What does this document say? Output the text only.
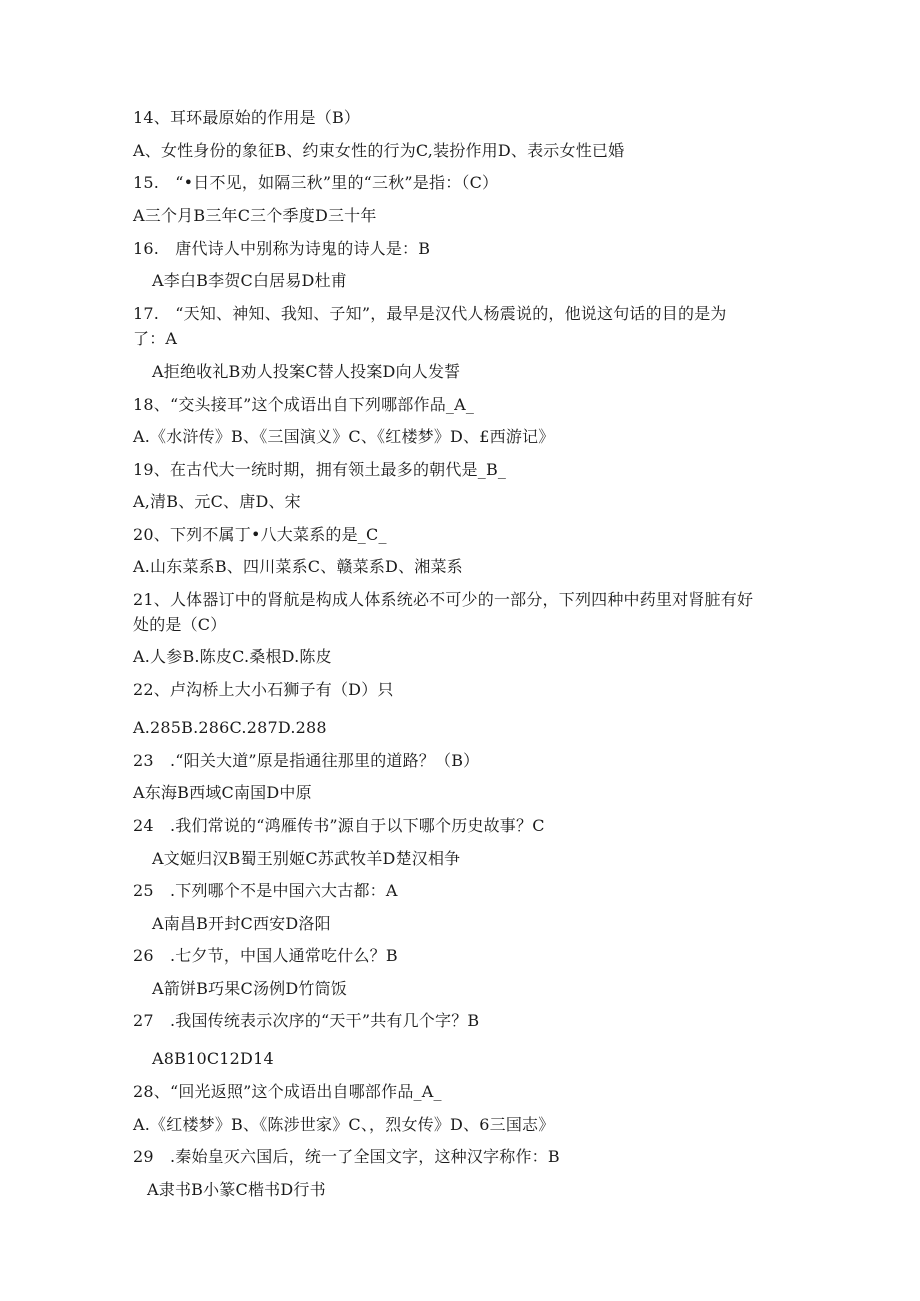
14、耳环最原始的作用是（B）
A、女性身份的象征B、约束女性的行为C,装扮作用D、表示女性已婚
15.　“•日不见，如隔三秋”里的“三秋”是指：（C）
A三个月B三年C三个季度D三十年
16.　唐代诗人中别称为诗鬼的诗人是：B
A李白B李贺C白居易D杜甫
17.　“天知、神知、我知、子知”，最早是汉代人杨震说的，他说这句话的目的是为
了：A
A拒绝收礼B劝人投案C替人投案D向人发誓
18、“交头接耳”这个成语出自下列哪部作品_A_
A.《水浒传》B、《三国演义》C、《红楼梦》D、£西游记》
19、在古代大一统时期，拥有领土最多的朝代是_B_
A,清B、元C、唐D、宋
20、下列不属丁•八大菜系的是_C_
A.山东菜系B、四川菜系C、赣菜系D、湘菜系
21、人体器订中的肾航是构成人体系统必不可少的一部分，下列四种中药里对肾脏有好
处的是（C）
A.人参B.陈皮C.桑根D.陈皮
22、卢沟桥上大小石狮子有（D）只
A.285B.286C.287D.288
23　.“阳关大道”原是指通往那里的道路？（B）
A东海B西域C南国D中原
24　.我们常说的“鸿雁传书”源自于以下哪个历史故事？C
A文姬归汉B蜀王别姬C苏武牧羊D楚汉相争
25　.下列哪个不是中国六大古都：A
A南昌B开封C西安D洛阳
26　.七夕节，中国人通常吃什么？B
A箭饼B巧果C汤例D竹筒饭
27　.我国传统表示次序的“天干”共有几个字？B
A8B10C12D14
28、“回光返照”这个成语出自哪部作品_A_
A.《红楼梦》B、《陈涉世家》C、，烈女传》D、6三国志》
29　.秦始皇灭六国后，统一了全国文字，这种汉字称作：B
A隶书B小篆C楷书D行书
